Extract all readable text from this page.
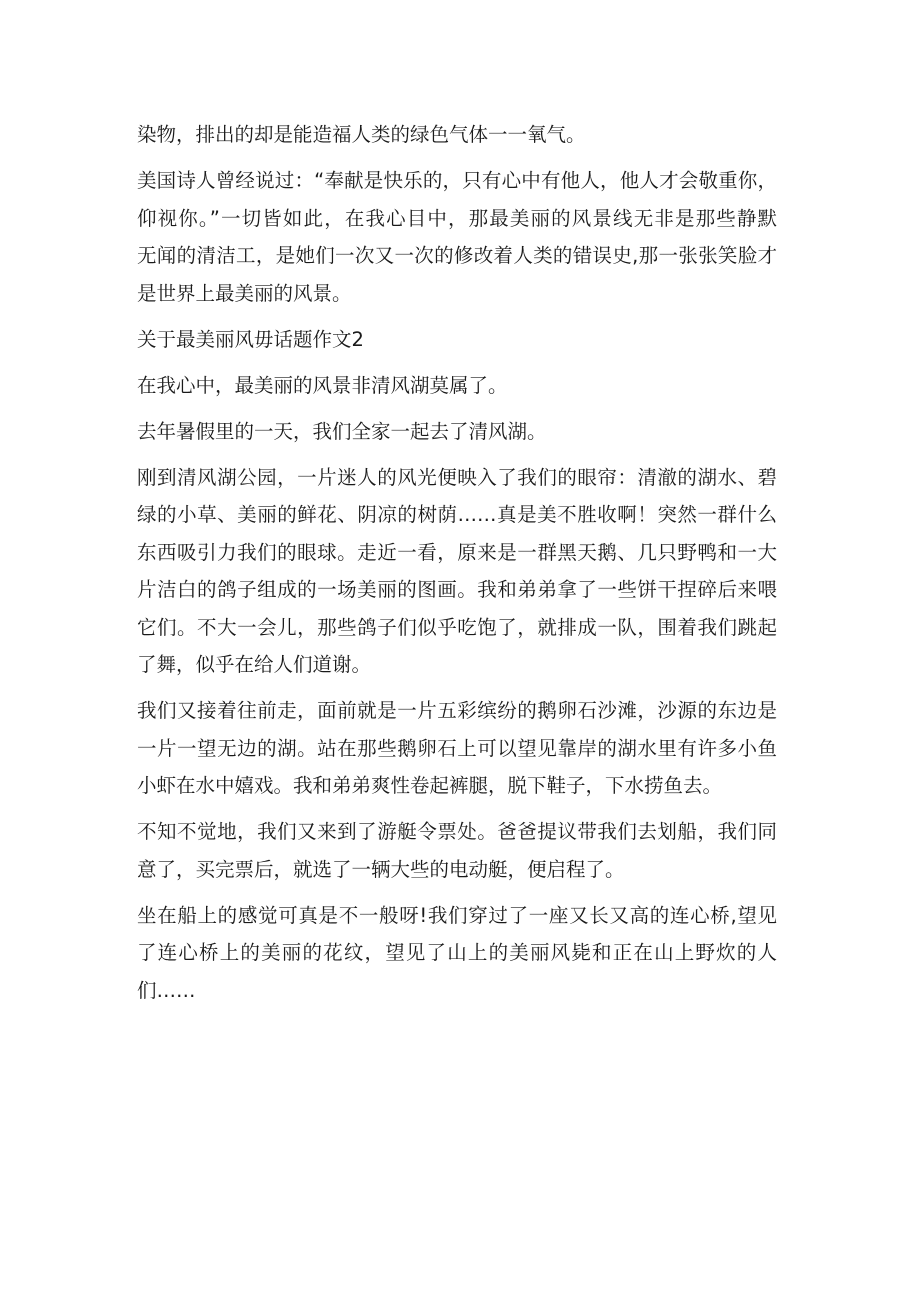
染物，排出的却是能造福人类的绿色气体一一氧气。

美国诗人曾经说过：“奉献是快乐的，只有心中有他人，他人才会敬重你，
仰视你。”一切皆如此，在我心目中，那最美丽的风景线无非是那些静默
无闻的清洁工，是她们一次又一次的修改着人类的错误史,那一张张笑脸才
是世界上最美丽的风景。

关于最美丽风毋话题作文2

在我心中，最美丽的风景非清风湖莫属了。

去年暑假里的一天，我们全家一起去了清风湖。

刚到清风湖公园，一片迷人的风光便映入了我们的眼帘：清澈的湖水、碧
绿的小草、美丽的鲜花、阴凉的树荫……真是美不胜收啊！突然一群什么
东西吸引力我们的眼球。走近一看，原来是一群黑天鹅、几只野鸭和一大
片洁白的鸽子组成的一场美丽的图画。我和弟弟拿了一些饼干捏碎后来喂
它们。不大一会儿，那些鸽子们似乎吃饱了，就排成一队，围着我们跳起
了舞，似乎在给人们道谢。

我们又接着往前走，面前就是一片五彩缤纷的鹅卵石沙滩，沙源的东边是
一片一望无边的湖。站在那些鹅卵石上可以望见靠岸的湖水里有许多小鱼
小虾在水中嬉戏。我和弟弟爽性卷起裤腿，脱下鞋子，下水捞鱼去。

不知不觉地，我们又来到了游艇令票处。爸爸提议带我们去划船，我们同
意了，买完票后，就选了一辆大些的电动艇，便启程了。

坐在船上的感觉可真是不一般呀!我们穿过了一座又长又高的连心桥,望见
了连心桥上的美丽的花纹，望见了山上的美丽风毙和正在山上野炊的人
们……
